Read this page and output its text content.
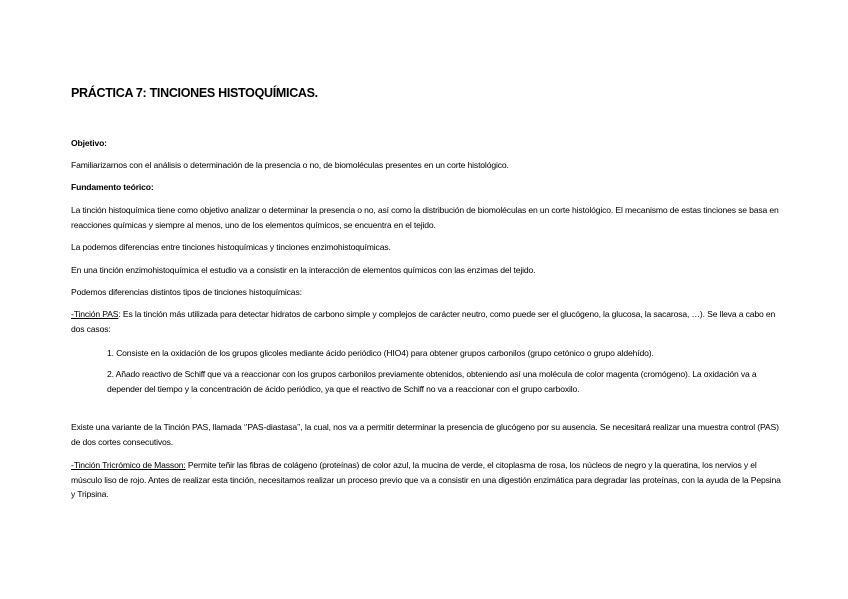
PRÁCTICA 7: TINCIONES HISTOQUÍMICAS.

Objetivo:

Familiarizarnos con el análisis o determinación de la presencia o no, de biomoléculas presentes en un corte histológico.

Fundamento teórico:

La tinción histoquímica tiene como objetivo analizar o determinar la presencia o no, así como la distribución de biomoléculas en un corte histológico. El mecanismo de estas tinciones se basa en reacciones químicas y siempre al menos, uno de los elementos químicos, se encuentra en el tejido.

La podemos diferencias entre tinciones histoquímicas y tinciones enzimohistoquímicas.

En una tinción enzimohistoquímica el estudio va a consistir en la interacción de elementos químicos con las enzimas del tejido.

Podemos diferencias distintos tipos de tinciones histoquímicas:

-Tinción PAS: Es la tinción más utilizada para detectar hidratos de carbono simple y complejos de carácter neutro, como puede ser el glucógeno, la glucosa, la sacarosa, …). Se lleva a cabo en dos casos:

1. Consiste en la oxidación de los grupos glicoles mediante ácido periódico (HIO4) para obtener grupos carbonilos (grupo cetónico o grupo aldehído).

2. Añado reactivo de Schiff que va a reaccionar con los grupos carbonilos previamente obtenidos, obteniendo así una molécula de color magenta (cromógeno). La oxidación va a depender del tiempo y la concentración de ácido periódico, ya que el reactivo de Schiff no va a reaccionar con el grupo carboxilo.

Existe una variante de la Tinción PAS, llamada ‘’PAS-diastasa’’, la cual, nos va a permitir determinar la presencia de glucógeno por su ausencia. Se necesitará realizar una muestra control (PAS) de dos cortes consecutivos.

-Tinción Tricrómico de Masson: Permite teñir las fibras de colágeno (proteínas) de color azul, la mucina de verde, el citoplasma de rosa, los núcleos de negro y la queratina, los nervios y el músculo liso de rojo. Antes de realizar esta tinción, necesitamos realizar un proceso previo que va a consistir en una digestión enzimática para degradar las proteínas, con la ayuda de la Pepsina y Tripsina.
